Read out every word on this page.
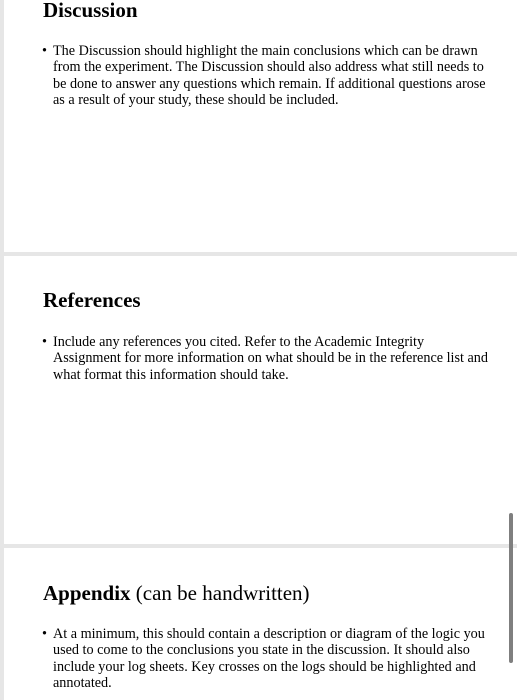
Discussion

• The Discussion should highlight the main conclusions which can be drawn from the experiment. The Discussion should also address what still needs to be done to answer any questions which remain. If additional questions arose as a result of your study, these should be included.

References

• Include any references you cited. Refer to the Academic Integrity Assignment for more information on what should be in the reference list and what format this information should take.

Appendix (can be handwritten)

• At a minimum, this should contain a description or diagram of the logic you used to come to the conclusions you state in the discussion. It should also include your log sheets. Key crosses on the logs should be highlighted and annotated.
